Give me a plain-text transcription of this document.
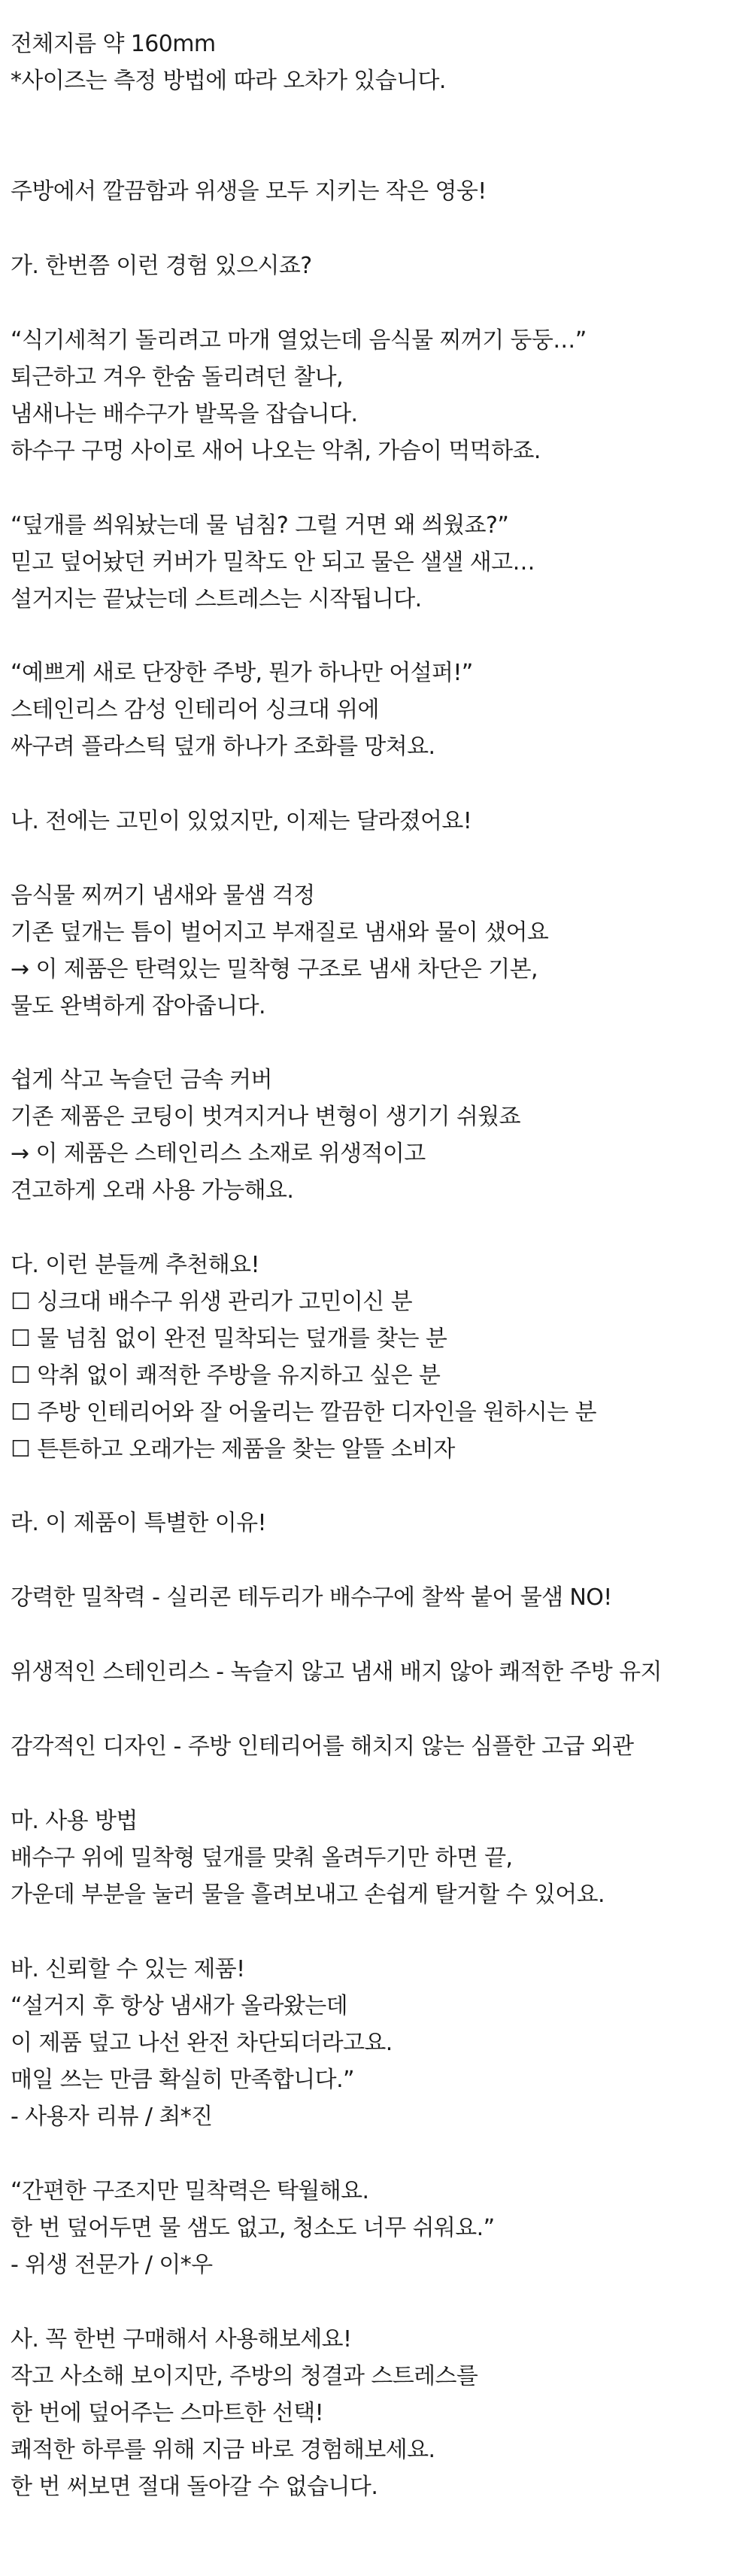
전체지름 약 160mm
*사이즈는 측정 방법에 따라 오차가 있습니다.
주방에서 깔끔함과 위생을 모두 지키는 작은 영웅!
가. 한번쯤 이런 경험 있으시죠?
“식기세척기 돌리려고 마개 열었는데 음식물 찌꺼기 둥둥…”
퇴근하고 겨우 한숨 돌리려던 찰나,
냄새나는 배수구가 발목을 잡습니다.
하수구 구멍 사이로 새어 나오는 악취, 가슴이 먹먹하죠.
“덮개를 씌워놨는데 물 넘침? 그럴 거면 왜 씌웠죠?”
믿고 덮어놨던 커버가 밀착도 안 되고 물은 샐샐 새고…
설거지는 끝났는데 스트레스는 시작됩니다.
“예쁘게 새로 단장한 주방, 뭔가 하나만 어설퍼!”
스테인리스 감성 인테리어 싱크대 위에
싸구려 플라스틱 덮개 하나가 조화를 망쳐요.
나. 전에는 고민이 있었지만, 이제는 달라졌어요!
음식물 찌꺼기 냄새와 물샘 걱정
기존 덮개는 틈이 벌어지고 부재질로 냄새와 물이 샜어요
→ 이 제품은 탄력있는 밀착형 구조로 냄새 차단은 기본,
물도 완벽하게 잡아줍니다.
쉽게 삭고 녹슬던 금속 커버
기존 제품은 코팅이 벗겨지거나 변형이 생기기 쉬웠죠
→ 이 제품은 스테인리스 소재로 위생적이고
견고하게 오래 사용 가능해요.
다. 이런 분들께 추천해요!
☐ 싱크대 배수구 위생 관리가 고민이신 분
☐ 물 넘침 없이 완전 밀착되는 덮개를 찾는 분
☐ 악취 없이 쾌적한 주방을 유지하고 싶은 분
☐ 주방 인테리어와 잘 어울리는 깔끔한 디자인을 원하시는 분
☐ 튼튼하고 오래가는 제품을 찾는 알뜰 소비자
라. 이 제품이 특별한 이유!
강력한 밀착력 - 실리콘 테두리가 배수구에 찰싹 붙어 물샘 NO!
위생적인 스테인리스 - 녹슬지 않고 냄새 배지 않아 쾌적한 주방 유지
감각적인 디자인 - 주방 인테리어를 해치지 않는 심플한 고급 외관
마. 사용 방법
배수구 위에 밀착형 덮개를 맞춰 올려두기만 하면 끝,
가운데 부분을 눌러 물을 흘려보내고 손쉽게 탈거할 수 있어요.
바. 신뢰할 수 있는 제품!
“설거지 후 항상 냄새가 올라왔는데
이 제품 덮고 나선 완전 차단되더라고요.
매일 쓰는 만큼 확실히 만족합니다.”
- 사용자 리뷰 / 최*진
“간편한 구조지만 밀착력은 탁월해요.
한 번 덮어두면 물 샘도 없고, 청소도 너무 쉬워요.”
- 위생 전문가 / 이*우
사. 꼭 한번 구매해서 사용해보세요!
작고 사소해 보이지만, 주방의 청결과 스트레스를
한 번에 덮어주는 스마트한 선택!
쾌적한 하루를 위해 지금 바로 경험해보세요.
한 번 써보면 절대 돌아갈 수 없습니다.
